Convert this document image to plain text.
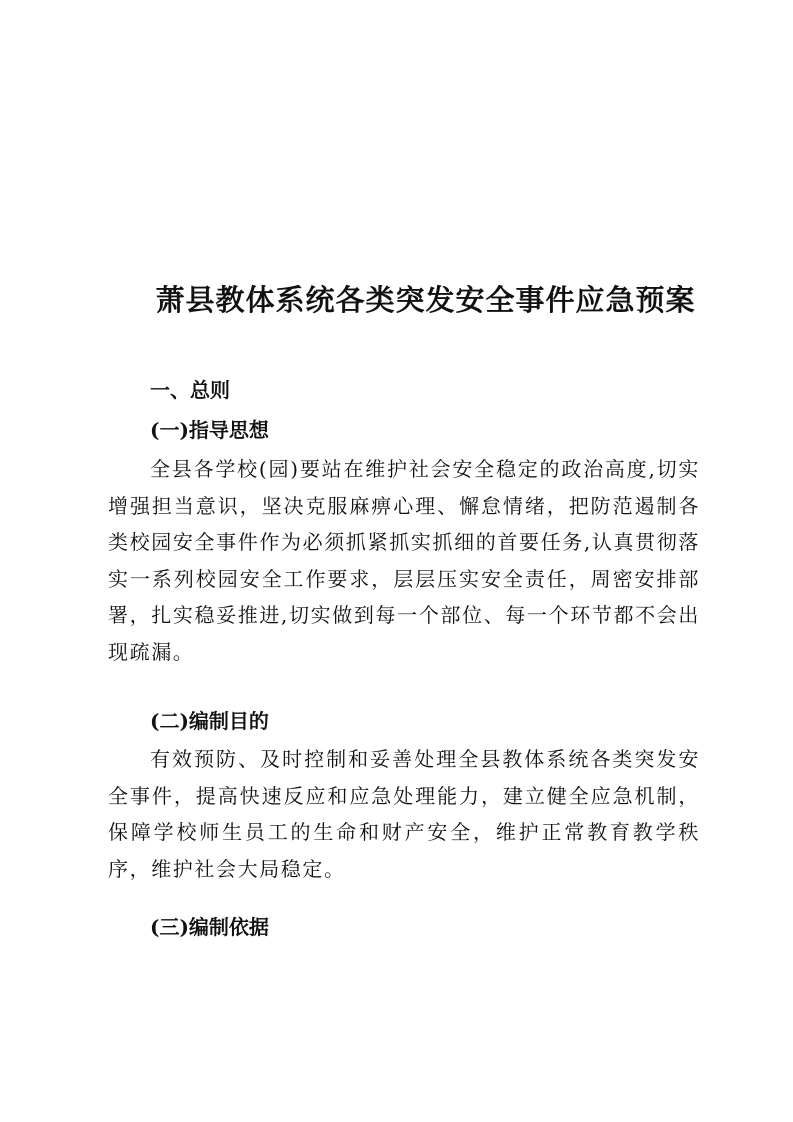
萧县教体系统各类突发安全事件应急预案
一、总则
(一)指导思想

全县各学校(园)要站在维护社会安全稳定的政治高度,切实增强担当意识，坚决克服麻痹心理、懈怠情绪，把防范遏制各类校园安全事件作为必须抓紧抓实抓细的首要任务,认真贯彻落实一系列校园安全工作要求，层层压实安全责任，周密安排部署，扎实稳妥推进,切实做到每一个部位、每一个环节都不会出现疏漏。

(二)编制目的

有效预防、及时控制和妥善处理全县教体系统各类突发安全事件，提高快速反应和应急处理能力，建立健全应急机制，保障学校师生员工的生命和财产安全，维护正常教育教学秩序，维护社会大局稳定。

(三)编制依据
